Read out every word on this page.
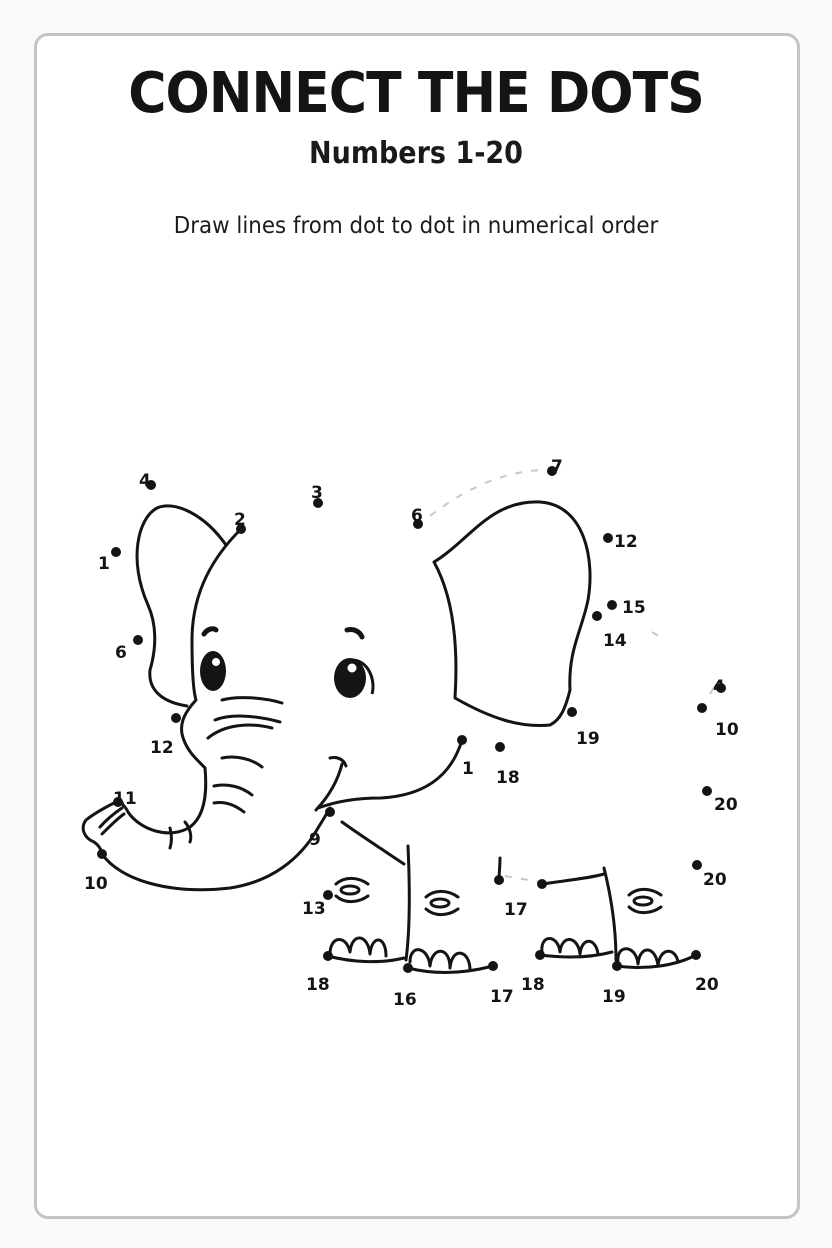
CONNECT THE DOTS
Numbers 1-20
Draw lines from dot to dot in numerical order
4
3
2
1
6
7
12
15
14
6
4
10
19
12
1 18
11	20
9
10	20
13	17
18
16	17
18
19
20
